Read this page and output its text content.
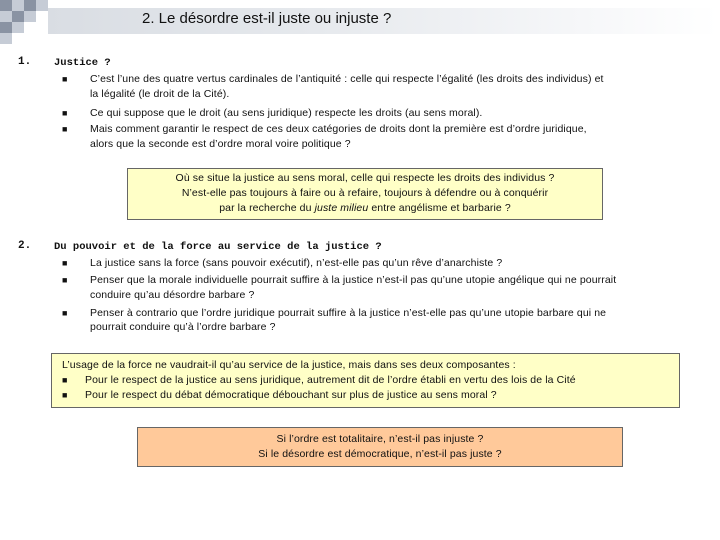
2. Le désordre est-il juste ou injuste ?
1. Justice ?
■ C’est l’une des quatre vertus cardinales de l’antiquité : celle qui respecte l’égalité (les droits des individus) et
la légalité (le droit de la Cité).
■ Ce qui suppose que le droit (au sens juridique) respecte les droits (au sens moral).
■ Mais comment garantir le respect de ces deux catégories de droits dont la première est d’ordre juridique,
alors que la seconde est d’ordre moral voire politique ?
Où se situe la justice au sens moral, celle qui respecte les droits des individus ?
N’est-elle pas toujours à faire ou à refaire, toujours à défendre ou à conquérir
par la recherche du juste milieu entre angélisme et barbarie ?
2. Du pouvoir et de la force au service de la justice ?
■ La justice sans la force (sans pouvoir exécutif), n’est-elle pas qu’un rêve d’anarchiste ?
■ Penser que la morale individuelle pourrait suffire à la justice n’est-il pas qu’une utopie angélique qui ne pourrait
conduire qu’au désordre barbare ?
■ Penser à contrario que l’ordre juridique pourrait suffire à la justice n’est-elle pas qu’une utopie barbare qui ne
pourrait conduire qu’à l’ordre barbare ?
L’usage de la force ne vaudrait-il qu’au service de la justice, mais dans ses deux composantes :
■ Pour le respect de la justice au sens juridique, autrement dit de l’ordre établi en vertu des lois de la Cité
■ Pour le respect du débat démocratique débouchant sur plus de justice au sens moral ?
Si l’ordre est totalitaire, n’est-il pas injuste ?
Si le désordre est démocratique, n’est-il pas juste ?
